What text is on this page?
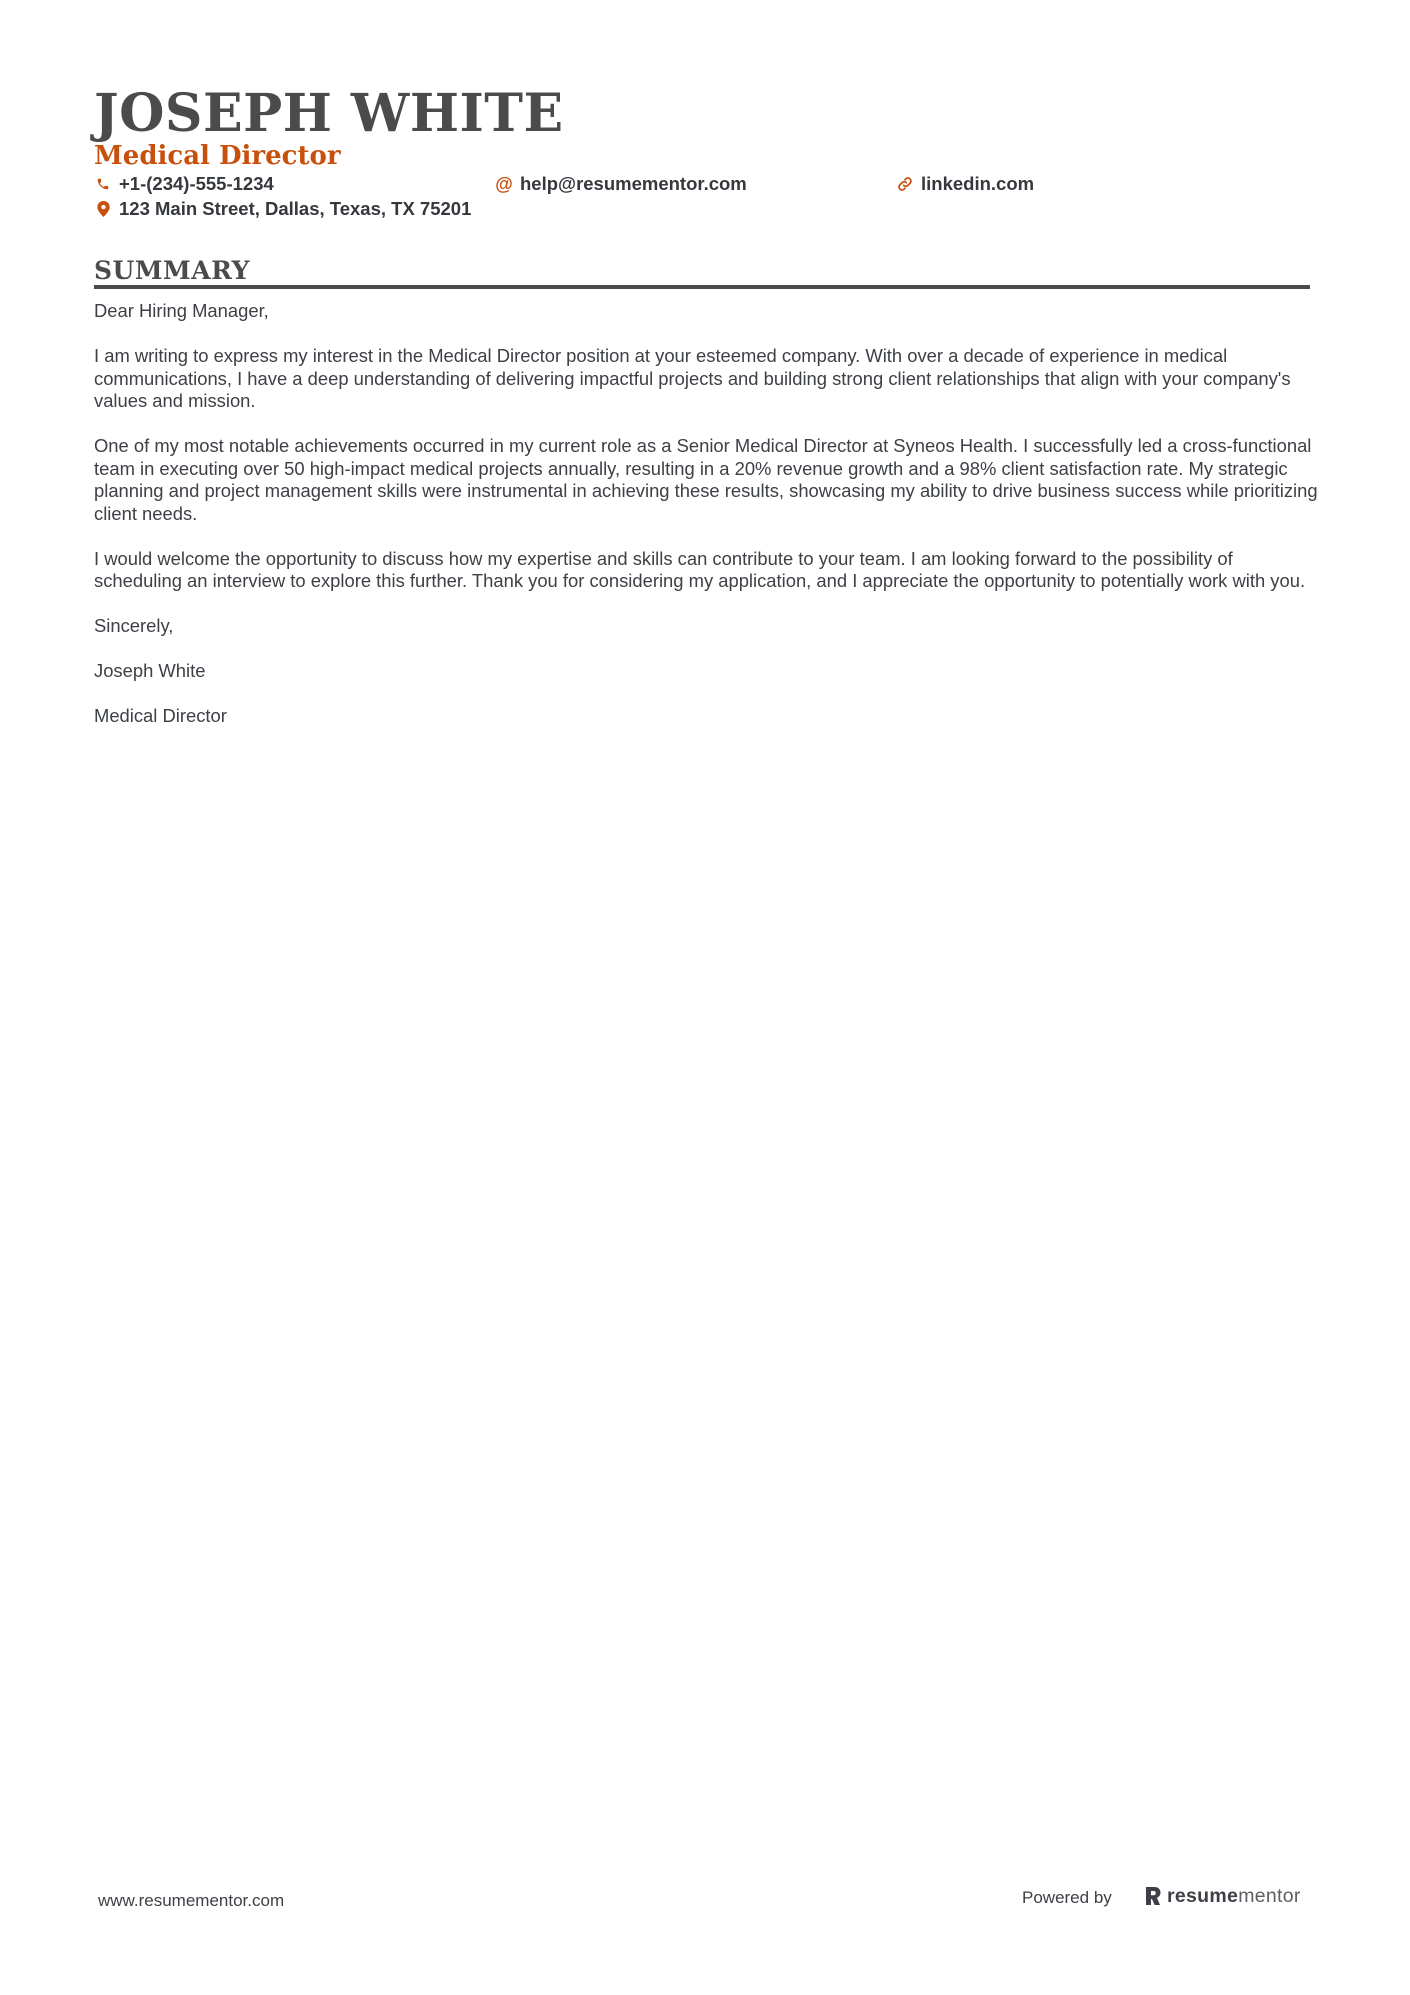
JOSEPH WHITE
Medical Director
+1-(234)-555-1234	@ help@resumementor.com	linkedin.com
123 Main Street, Dallas, Texas, TX 75201
SUMMARY

Dear Hiring Manager,

I am writing to express my interest in the Medical Director position at your esteemed company. With over a decade of experience in medical communications, I have a deep understanding of delivering impactful projects and building strong client relationships that align with your company's values and mission.

One of my most notable achievements occurred in my current role as a Senior Medical Director at Syneos Health. I successfully led a cross-functional team in executing over 50 high-impact medical projects annually, resulting in a 20% revenue growth and a 98% client satisfaction rate. My strategic planning and project management skills were instrumental in achieving these results, showcasing my ability to drive business success while prioritizing client needs.

I would welcome the opportunity to discuss how my expertise and skills can contribute to your team. I am looking forward to the possibility of scheduling an interview to explore this further. Thank you for considering my application, and I appreciate the opportunity to potentially work with you.

Sincerely,

Joseph White

Medical Director

www.resumementor.com	Powered by	resumementor
